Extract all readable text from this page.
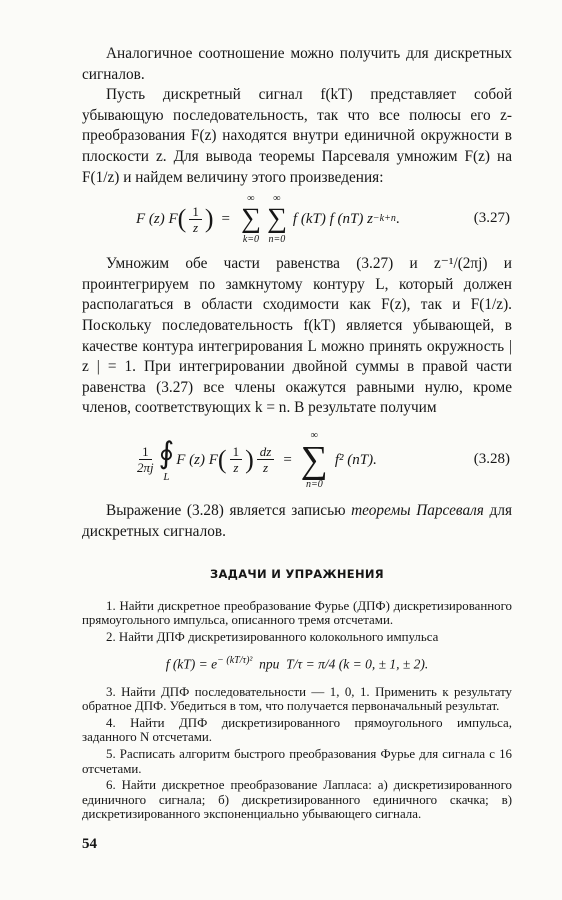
Аналогичное соотношение можно получить для дискретных сигналов.

Пусть дискретный сигнал f(kT) представляет собой убывающую последовательность, так что все полюсы его z-преобразования F(z) находятся внутри единичной окружности в плоскости z. Для вывода теоремы Парсеваля умножим F(z) на F(1/z) и найдем величину этого произведения:

F (z) F ( $\frac{1}{z}$ ) =
∞
∑
k=0
∞
∑
n=0
f (kT) f (nT) z −k+n .	(3.27)

Умножим обе части равенства (3.27) и z⁻¹/(2πj) и проинтегрируем по замкнутому контуру L, который должен располагаться в области сходимости как F(z), так и F(1/z). Поскольку последовательность f(kT) является убывающей, в качестве контура интегрирования L можно принять окружность | z | = 1. При интегрировании двойной суммы в правой части равенства (3.27) все члены окажутся равными нулю, кроме членов, соответствующих k = n. В результате получим

$\frac{1}{2\pi j}$ ∮
L
F (z) F ( $\frac{1}{z}$ ) $\frac{dz}{z}$ =
∞
∑
n=0
f² (nT).	(3.28)

Выражение (3.28) является записью теоремы Парсеваля для дискретных сигналов.

ЗАДАЧИ И УПРАЖНЕНИЯ

1. Найти дискретное преобразование Фурье (ДПФ) дискретизированного прямоугольного импульса, описанного тремя отсчетами.

2. Найти ДПФ дискретизированного колокольного импульса

f $(kT) = e^{- (kT/\tau)^2}$  при  T/τ = π/4 (k = 0, ± 1, ± 2).

3. Найти ДПФ последовательности — 1, 0, 1. Применить к результату обратное ДПФ. Убедиться в том, что получается первоначальный результат.

4. Найти ДПФ дискретизированного прямоугольного импульса, заданного N отсчетами.

5. Расписать алгоритм быстрого преобразования Фурье для сигнала с 16 отсчетами.

6. Найти дискретное преобразование Лапласа: а) дискретизированного единичного сигнала; б) дискретизированного единичного скачка; в) дискретизированного экспоненциально убывающего сигнала.

54
